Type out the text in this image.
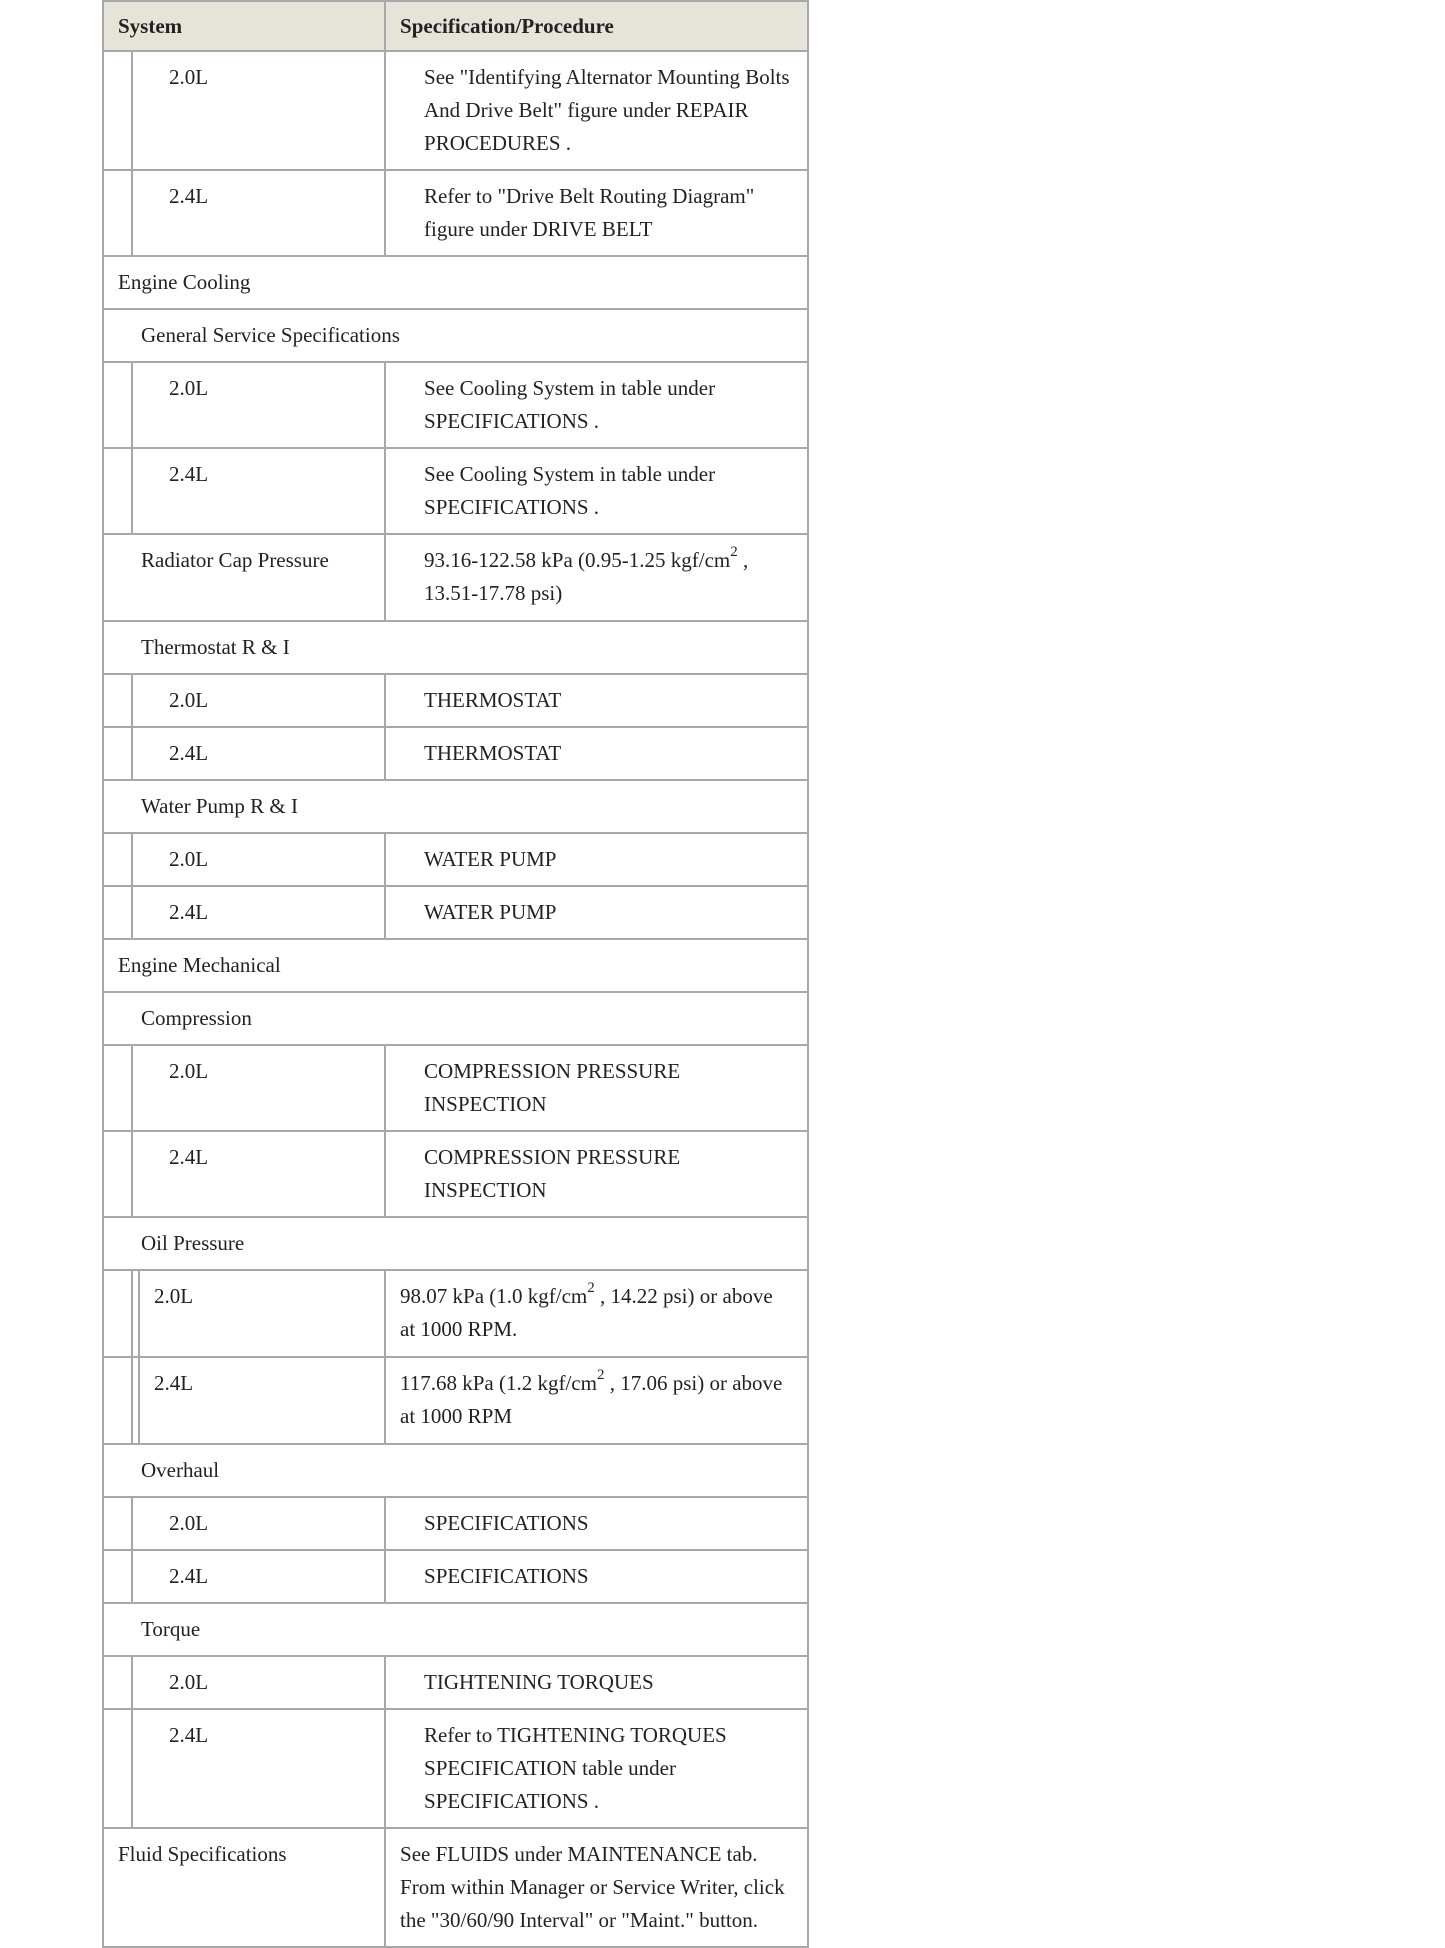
System			Specification/Procedure
	2.0L		See "Identifying Alternator Mounting Bolts And Drive Belt" figure under REPAIR PROCEDURES .
	2.4L		Refer to "Drive Belt Routing Diagram" figure under DRIVE BELT
Engine Cooling			
General Service Specifications			
	2.0L		See Cooling System in table under SPECIFICATIONS .
	2.4L		See Cooling System in table under SPECIFICATIONS .
Radiator Cap Pressure			93.16-122.58 kPa (0.95-1.25 kgf/$cm^2$ , 13.51-17.78 psi)
Thermostat R & I			
	2.0L		THERMOSTAT
	2.4L		THERMOSTAT
Water Pump R & I			
	2.0L		WATER PUMP
	2.4L		WATER PUMP
Engine Mechanical			
Compression			
	2.0L		COMPRESSION PRESSURE INSPECTION
	2.4L		COMPRESSION PRESSURE INSPECTION
Oil Pressure			
		2.0L	98.07 kPa (1.0 kgf/$cm^2$ , 14.22 psi) or above at 1000 RPM.
		2.4L	117.68 kPa (1.2 kgf/$cm^2$ , 17.06 psi) or above at 1000 RPM
Overhaul			
	2.0L		SPECIFICATIONS
	2.4L		SPECIFICATIONS
Torque			
	2.0L		TIGHTENING TORQUES
	2.4L		Refer to TIGHTENING TORQUES SPECIFICATION table under SPECIFICATIONS .
Fluid Specifications			See FLUIDS under MAINTENANCE tab. From within Manager or Service Writer, click the "30/60/90 Interval" or "Maint." button.
